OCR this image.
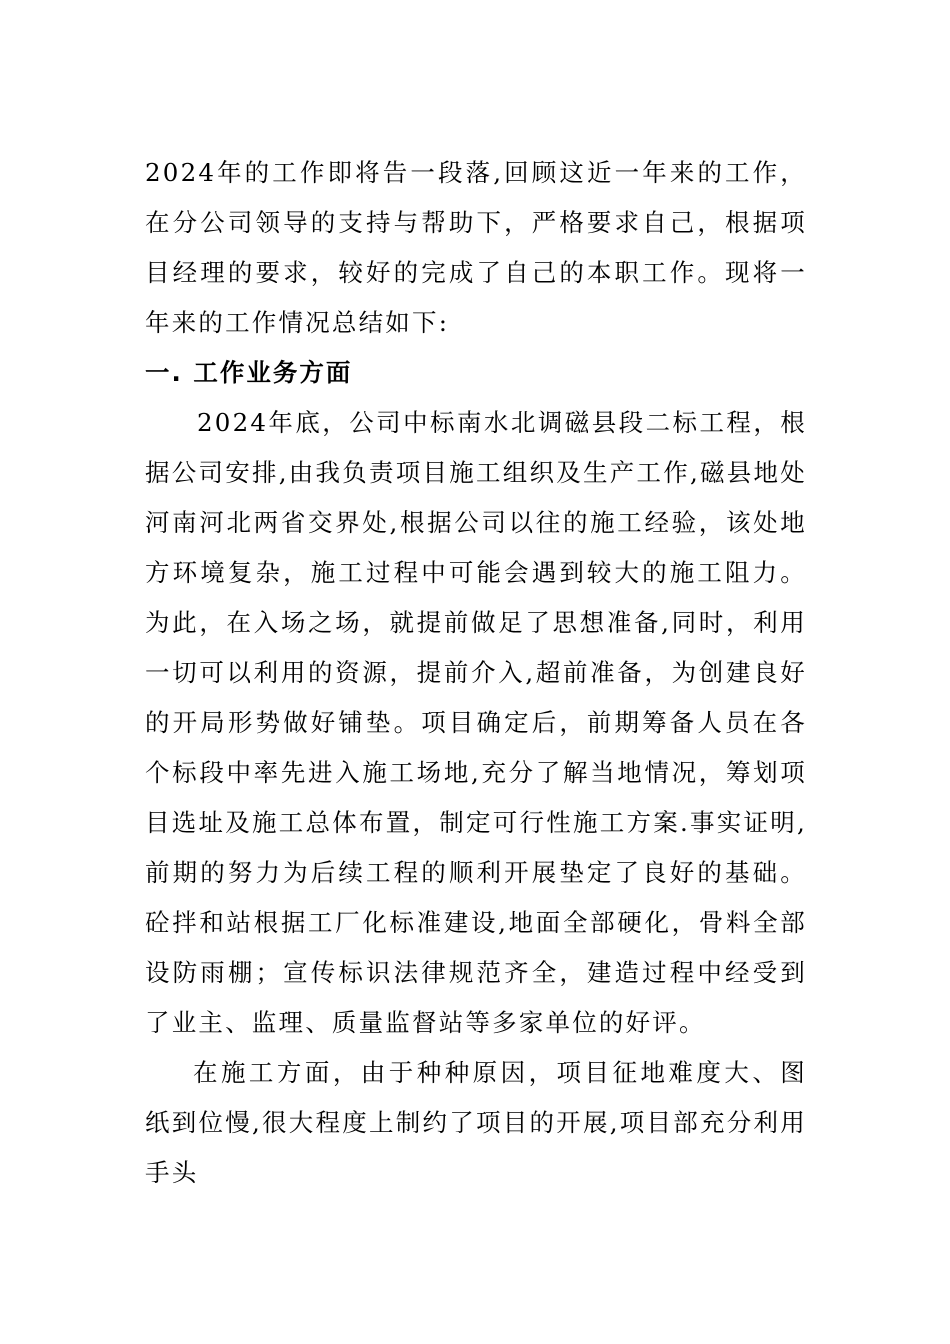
2024年的工作即将告一段落,回顾这近一年来的工作，在分公司领导的支持与帮助下，严格要求自己，根据项目经理的要求，较好的完成了自己的本职工作。现将一年来的工作情况总结如下:

一. 工作业务方面

2024年底，公司中标南水北调磁县段二标工程，根据公司安排,由我负责项目施工组织及生产工作,磁县地处河南河北两省交界处,根据公司以往的施工经验，该处地方环境复杂，施工过程中可能会遇到较大的施工阻力。为此，在入场之场，就提前做足了思想准备,同时，利用一切可以利用的资源，提前介入,超前准备，为创建良好的开局形势做好铺垫。项目确定后，前期筹备人员在各个标段中率先进入施工场地,充分了解当地情况，筹划项目选址及施工总体布置，制定可行性施工方案.事实证明,前期的努力为后续工程的顺利开展垫定了良好的基础。砼拌和站根据工厂化标准建设,地面全部硬化，骨料全部设防雨棚；宣传标识法律规范齐全，建造过程中经受到了业主、监理、质量监督站等多家单位的好评。

在施工方面，由于种种原因，项目征地难度大、图纸到位慢,很大程度上制约了项目的开展,项目部充分利用手头
